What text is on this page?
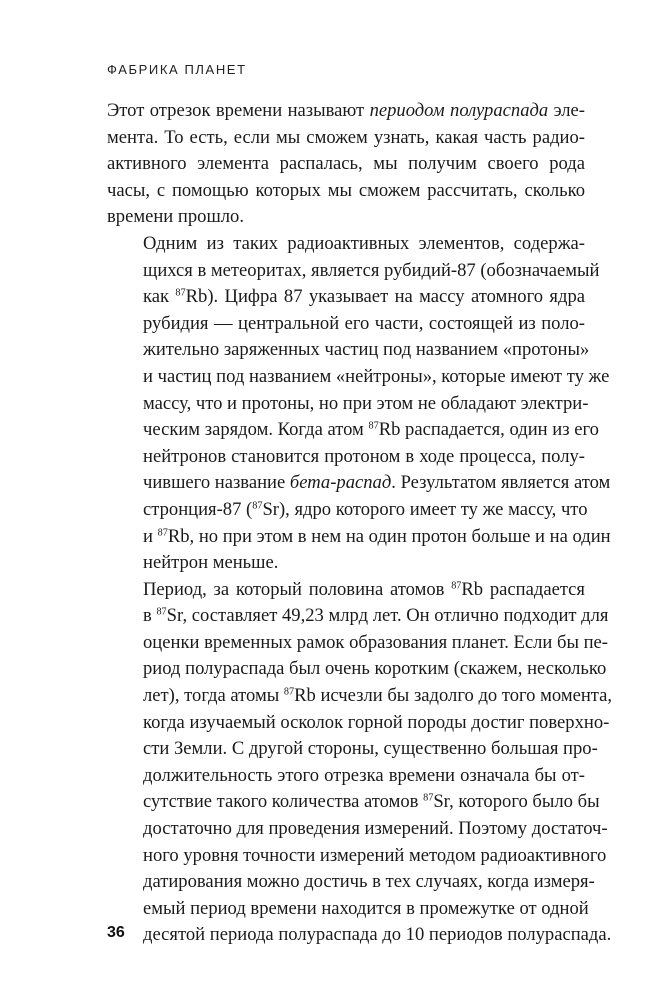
ФАБРИКА ПЛАНЕТ

Этот отрезок времени называют периодом полураспада эле-
мента. То есть, если мы сможем узнать, какая часть радио-
активного элемента распалась, мы получим своего рода
часы, с помощью которых мы сможем рассчитать, сколько
времени прошло.

Одним из таких радиоактивных элементов, содержа-
щихся в метеоритах, является рубидий-87 (обозначаемый
как $^{87}$Rb). Цифра 87 указывает на массу атомного ядра
рубидия — центральной его части, состоящей из поло-
жительно заряженных частиц под названием «протоны»
и частиц под названием «нейтроны», которые имеют ту же
массу, что и протоны, но при этом не обладают электри-
ческим зарядом. Когда атом $^{87}$Rb распадается, один из его
нейтронов становится протоном в ходе процесса, полу-
чившего название бета-распад. Результатом является атом
стронция-87 ($^{87}$Sr), ядро которого имеет ту же массу, что
и $^{87}$Rb, но при этом в нем на один протон больше и на один
нейтрон меньше.

Период, за который половина атомов $^{87}$Rb распадается
в $^{87}$Sr, составляет 49,23 млрд лет. Он отлично подходит для
оценки временных рамок образования планет. Если бы пе-
риод полураспада был очень коротким (скажем, несколько
лет), тогда атомы $^{87}$Rb исчезли бы задолго до того момента,
когда изучаемый осколок горной породы достиг поверхно-
сти Земли. С другой стороны, существенно большая про-
должительность этого отрезка времени означала бы от-
сутствие такого количества атомов $^{87}$Sr, которого было бы
достаточно для проведения измерений. Поэтому достаточ-
ного уровня точности измерений методом радиоактивного
датирования можно достичь в тех случаях, когда измеря-
емый период времени находится в промежутке от одной
десятой периода полураспада до 10 периодов полураспада.

36
